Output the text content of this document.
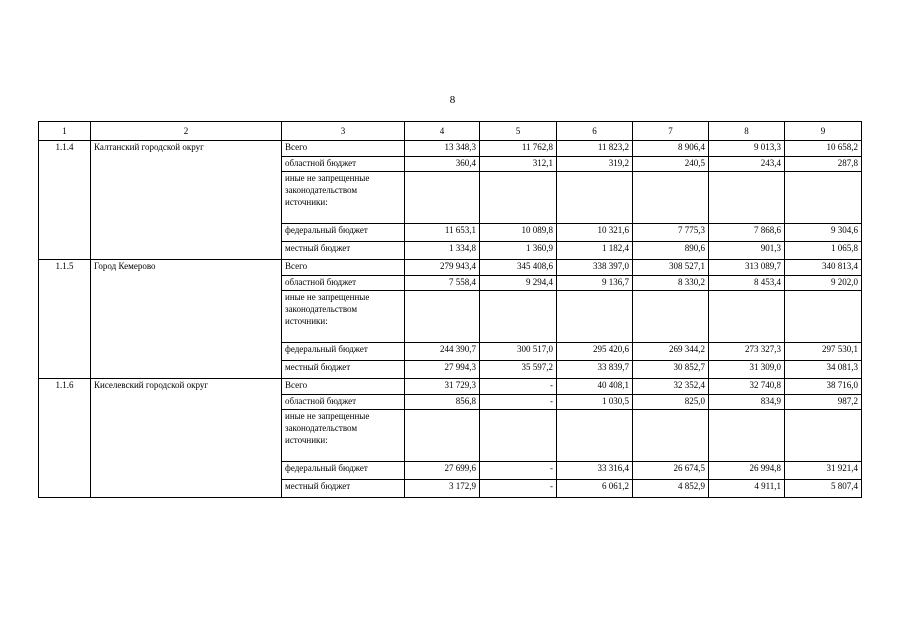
8
1	2	3	4	5	6	7	8	9
1.1.4	Калтанский городской округ	Всего	13 348,3	11 762,8	11 823,2	8 906,4	9 013,3	10 658,2
		областной бюджет	360,4	312,1	319,2	240,5	243,4	287,8
		иные не запрещенные законодательством источники:						
		федеральный бюджет	11 653,1	10 089,8	10 321,6	7 775,3	7 868,6	9 304,6
		местный бюджет	1 334,8	1 360,9	1 182,4	890,6	901,3	1 065,8
1.1.5	Город Кемерово	Всего	279 943,4	345 408,6	338 397,0	308 527,1	313 089,7	340 813,4
		областной бюджет	7 558,4	9 294,4	9 136,7	8 330,2	8 453,4	9 202,0
		иные не запрещенные законодательством источники:						
		федеральный бюджет	244 390,7	300 517,0	295 420,6	269 344,2	273 327,3	297 530,1
		местный бюджет	27 994,3	35 597,2	33 839,7	30 852,7	31 309,0	34 081,3
1.1.6	Киселевский городской округ	Всего	31 729,3	-	40 408,1	32 352,4	32 740,8	38 716,0
		областной бюджет	856,8	-	1 030,5	825,0	834,9	987,2
		иные не запрещенные законодательством источники:						
		федеральный бюджет	27 699,6	-	33 316,4	26 674,5	26 994,8	31 921,4
		местный бюджет	3 172,9	-	6 061,2	4 852,9	4 911,1	5 807,4
